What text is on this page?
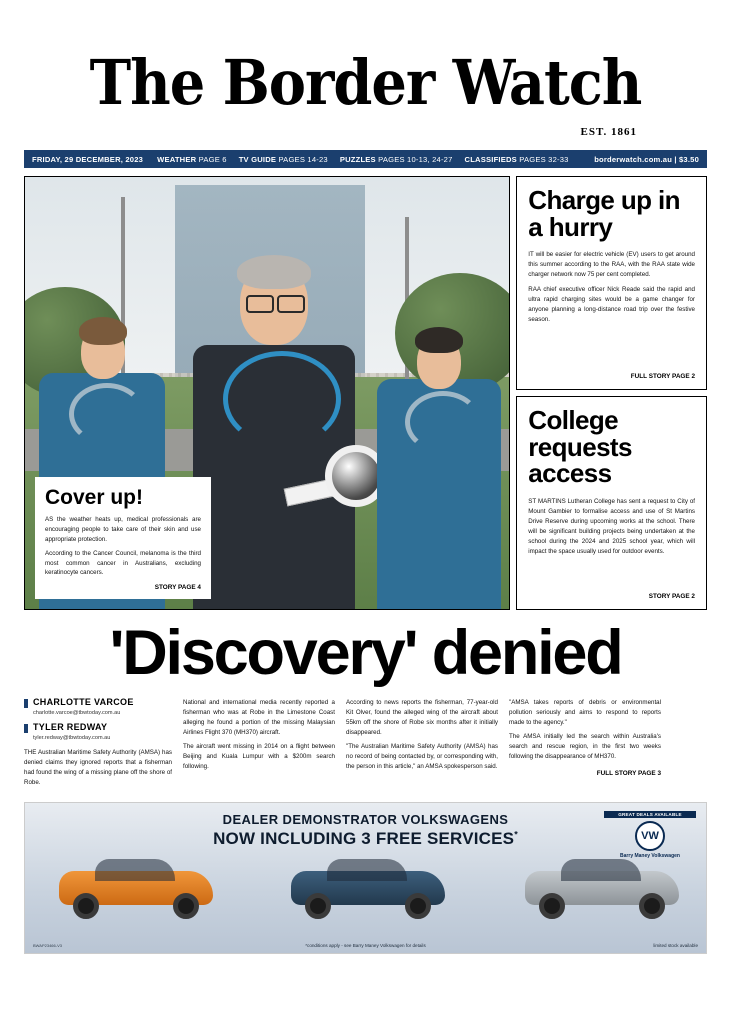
The Border Watch
EST. 1861
FRIDAY, 29 DECEMBER, 2023 WEATHER PAGE 6 TV GUIDE PAGES 14-23 PUZZLES PAGES 10-13, 24-27 CLASSIFIEDS PAGES 32-33	borderwatch.com.au | $3.50
Cover up!

AS the weather heats up, medical professionals are encouraging people to take care of their skin and use appropriate protection.

According to the Cancer Council, melanoma is the third most common cancer in Australians, excluding keratinocyte cancers.

STORY PAGE 4
Charge up in a hurry

IT will be easier for electric vehicle (EV) users to get around this summer according to the RAA, with the RAA state wide charger network now 75 per cent completed.

RAA chief executive officer Nick Reade said the rapid and ultra rapid charging sites would be a game changer for anyone planning a long-distance road trip over the festive season.

FULL STORY PAGE 2
College requests access

ST MARTINS Lutheran College has sent a request to City of Mount Gambier to formalise access and use of St Martins Drive Reserve during upcoming works at the school. There will be significant building projects being undertaken at the school during the 2024 and 2025 school year, which will impact the space usually used for outdoor events.

STORY PAGE 2
'Discovery' denied
CHARLOTTE VARCOE
charlotte.varcoe@tbwtoday.com.au
TYLER REDWAY
tyler.redway@tbwtoday.com.au

THE Australian Maritime Safety Authority (AMSA) has denied claims they ignored reports that a fisherman had found the wing of a missing plane off the shore of Robe.

National and international media recently reported a fisherman who was at Robe in the Limestone Coast alleging he found a portion of the missing Malaysian Airlines Flight 370 (MH370) aircraft.

The aircraft went missing in 2014 on a flight between Beijing and Kuala Lumpur with a $200m search following.

According to news reports the fisherman, 77-year-old Kit Olver, found the alleged wing of the aircraft about 55km off the shore of Robe six months after it initially disappeared.

"The Australian Maritime Safety Authority (AMSA) has no record of being contacted by, or corresponding with, the person in this article," an AMSA spokesperson said.

"AMSA takes reports of debris or environmental pollution seriously and aims to respond to reports made to the agency."

The AMSA initially led the search within Australia's search and rescue region, in the first two weeks following the disappearance of MH370.

FULL STORY PAGE 3
DEALER DEMONSTRATOR VOLKSWAGENS
NOW INCLUDING 3 FREE SERVICES*
GREAT DEALS AVAILABLE
VW
Barry Maney Volkswagen
BWAP23466-V3	*conditions apply - see Barry Maney Volkswagen for details	limited stock available
